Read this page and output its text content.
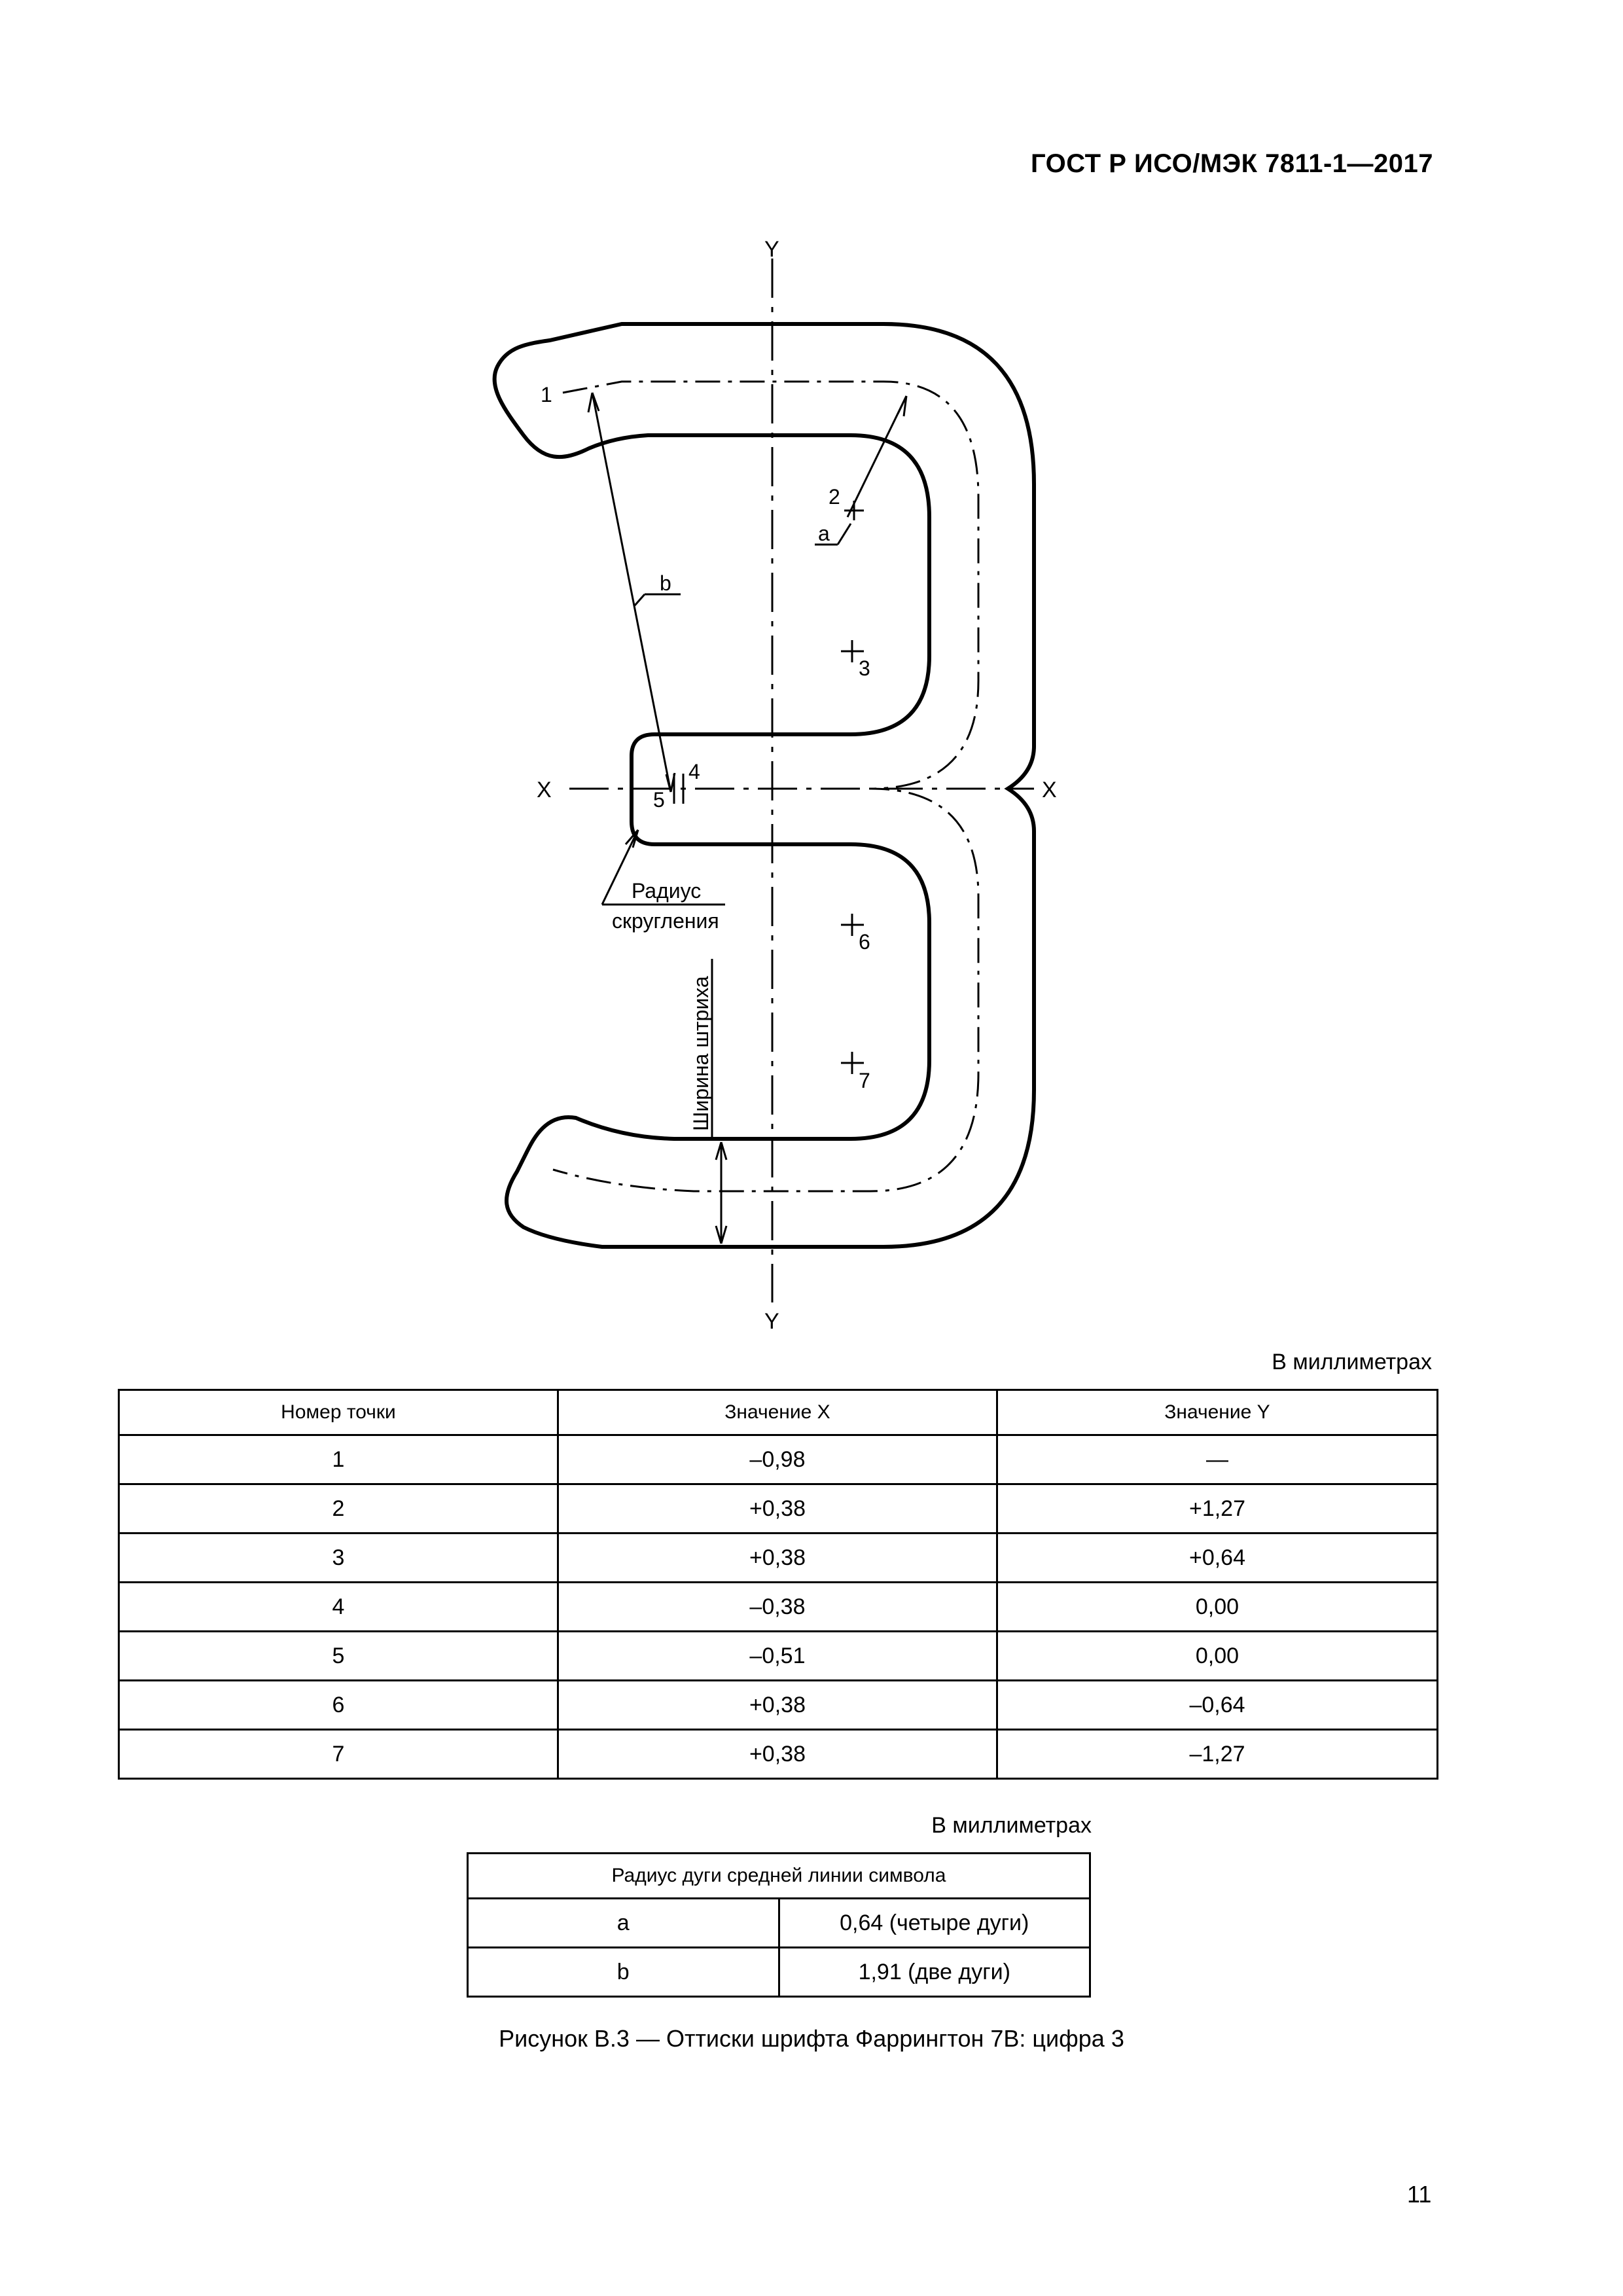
ГОСТ Р ИСО/МЭК 7811-1—2017
Y
Y
X	X
1
2
3
4
5
6
7
a
b
Радиус
скругления
Ширина штриха
В миллиметрах
Номер точки	Значение X	Значение Y
1	–0,98	—
2	+0,38	+1,27
3	+0,38	+0,64
4	–0,38	0,00
5	–0,51	0,00
6	+0,38	–0,64
7	+0,38	–1,27
В миллиметрах
Радиус дуги средней линии символа	
a	0,64 (четыре дуги)
b	1,91 (две дуги)
Рисунок В.3 — Оттиски шрифта Фаррингтон 7В: цифра 3
11
